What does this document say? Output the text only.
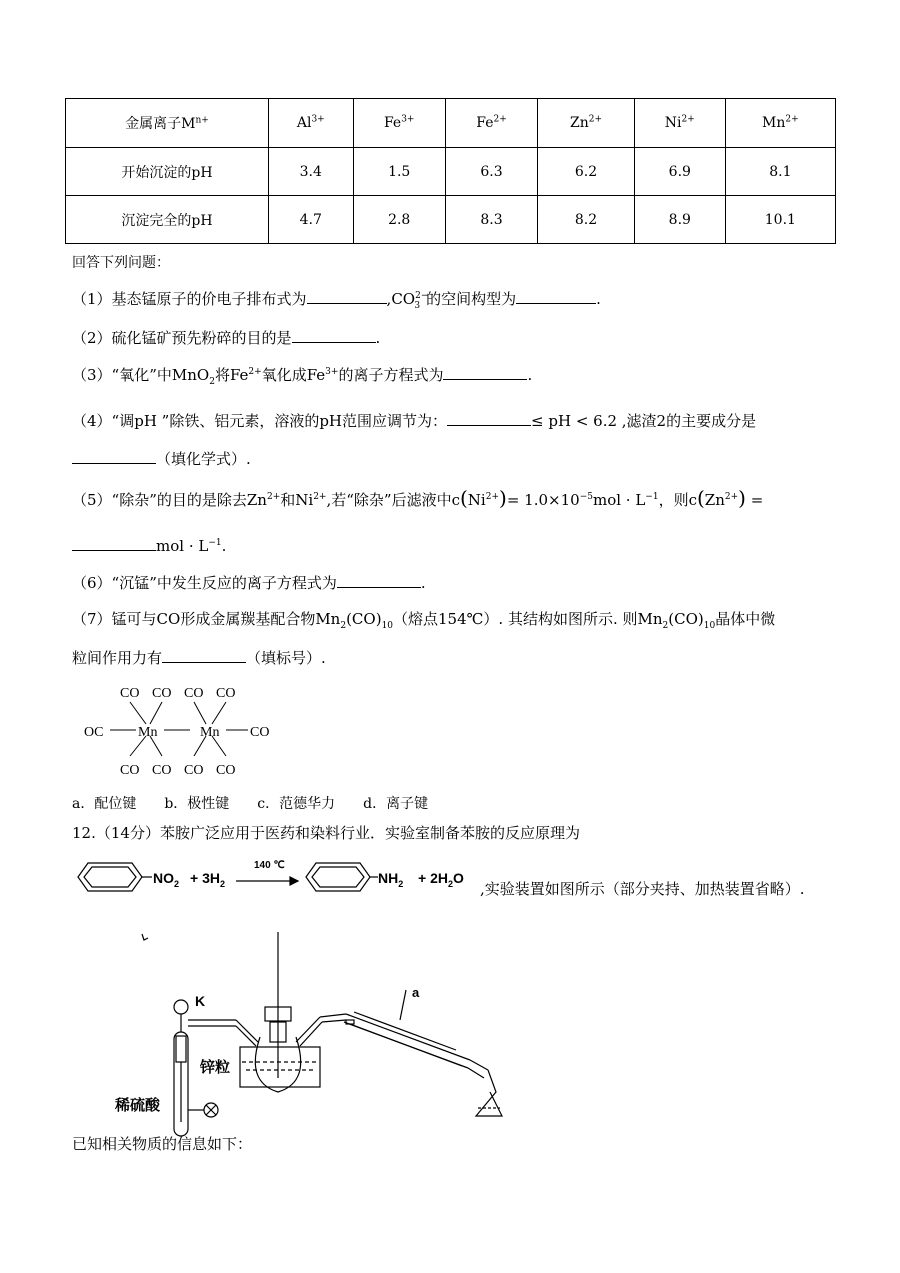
金属离子$M^{n+}$	$Al^{3+}$	$Fe^{3+}$	$Fe^{2+}$	$Zn^{2+}$	$Ni^{2+}$	$Mn^{2+}$
开始沉淀的pH	3.4	1.5	6.3	6.2	6.9	8.1
沉淀完全的pH	4.7	2.8	8.3	8.2	8.9	10.1
回答下列问题：
（1）基态锰原子的价电子排布式为	$,CO^{2-}_3$ 的空间构型为	.
（2）硫化锰矿预先粉碎的目的是	.
（3）“氧化”中MnO$_2$将$Fe^{2+}$氧化成$Fe^{3+}$的离子方程式为	.
（4）“调pH ”除铁、铝元素，溶液的pH范围应调节为：	≤ pH < 6.2 ,滤渣2的主要成分是
（填化学式）.
（5）“除杂”的目的是除去$Zn^{2+}$和$Ni^{2+}$,若“除杂”后滤液中$c(Ni^{2+})= 1.0\times 10^{-5}mol \cdot L^{-1}$，则$c(Zn^{2+})$ =
mol · $L^{-1}$.
（6）“沉锰”中发生反应的离子方程式为	.
（7）锰可与CO形成金属羰基配合物$Mn_2(CO)_{10}$（熔点154℃）. 其结构如图所示. 则$Mn_2(CO)_{10}$晶体中微
粒间作用力有	（填标号）.
CO CO CO CO
OC Mn	Mn CO
CO CO CO CO
a．配位键　　b．极性键　　c．范德华力　　d．离子键
12.（14分）苯胺广泛应用于医药和染料行业．实验室制备苯胺的反应原理为
$NO_2 + 3H_2$
140 ℃
$NH_2 + 2H_2O$
,实验装置如图所示（部分夹持、加热装置省略）.
K
a
锌粒
稀硫酸
已知相关物质的信息如下：
